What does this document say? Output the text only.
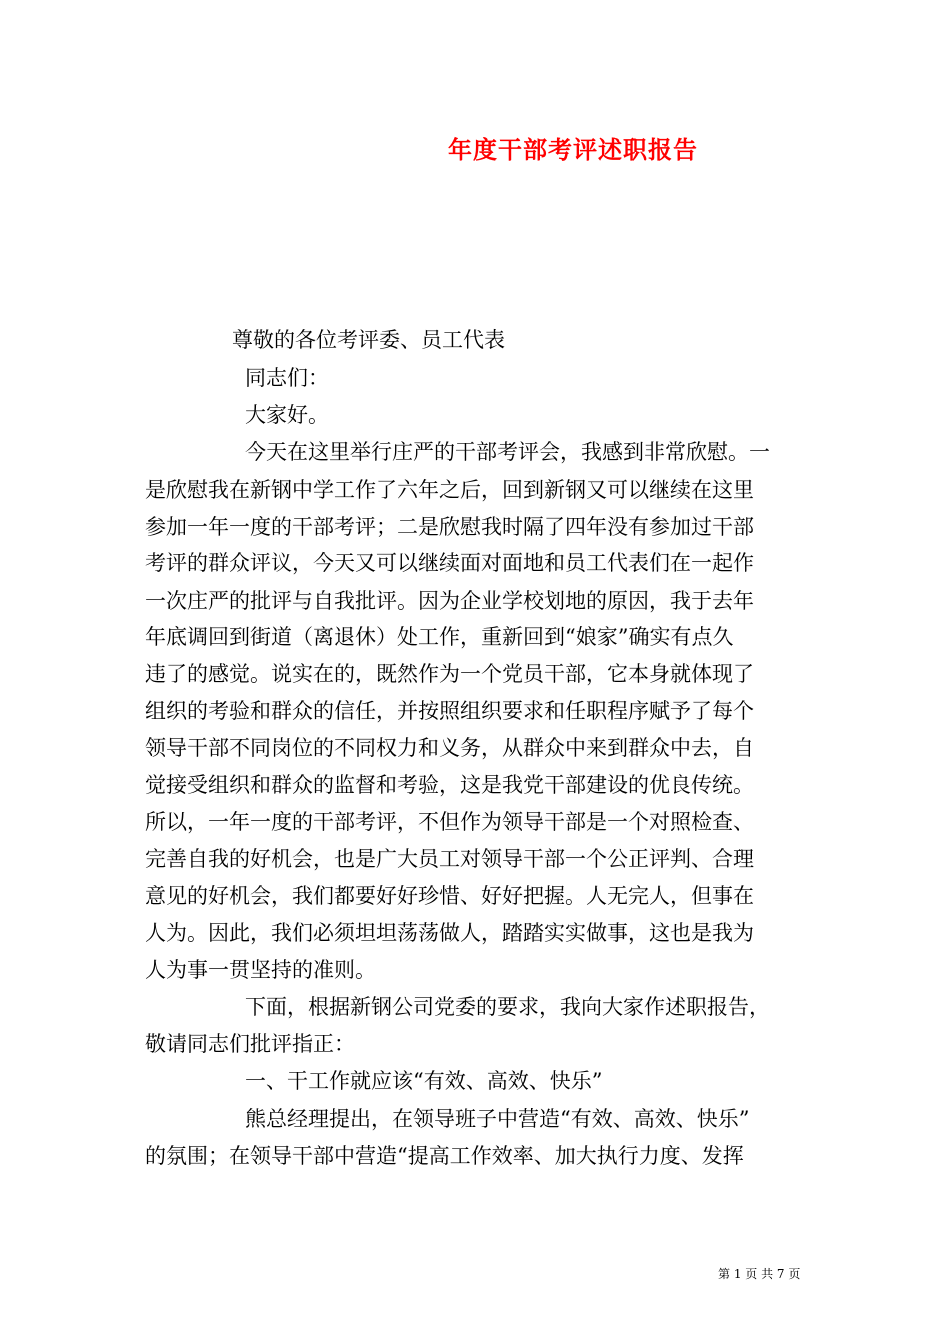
年度干部考评述职报告
尊敬的各位考评委、员工代表
同志们：
大家好。
今天在这里举行庄严的干部考评会，我感到非常欣慰。一
是欣慰我在新钢中学工作了六年之后，回到新钢又可以继续在这里
参加一年一度的干部考评；二是欣慰我时隔了四年没有参加过干部
考评的群众评议，今天又可以继续面对面地和员工代表们在一起作
一次庄严的批评与自我批评。因为企业学校划地的原因，我于去年
年底调回到街道（离退休）处工作，重新回到“娘家”确实有点久
违了的感觉。说实在的，既然作为一个党员干部，它本身就体现了
组织的考验和群众的信任，并按照组织要求和任职程序赋予了每个
领导干部不同岗位的不同权力和义务，从群众中来到群众中去，自
觉接受组织和群众的监督和考验，这是我党干部建设的优良传统。
所以，一年一度的干部考评，不但作为领导干部是一个对照检查、
完善自我的好机会，也是广大员工对领导干部一个公正评判、合理
意见的好机会，我们都要好好珍惜、好好把握。人无完人，但事在
人为。因此，我们必须坦坦荡荡做人，踏踏实实做事，这也是我为
人为事一贯坚持的准则。
下面，根据新钢公司党委的要求，我向大家作述职报告，
敬请同志们批评指正：
一、干工作就应该“有效、高效、快乐”
熊总经理提出，在领导班子中营造“有效、高效、快乐”
的氛围；在领导干部中营造“提高工作效率、加大执行力度、发挥
第 1 页 共 7 页
